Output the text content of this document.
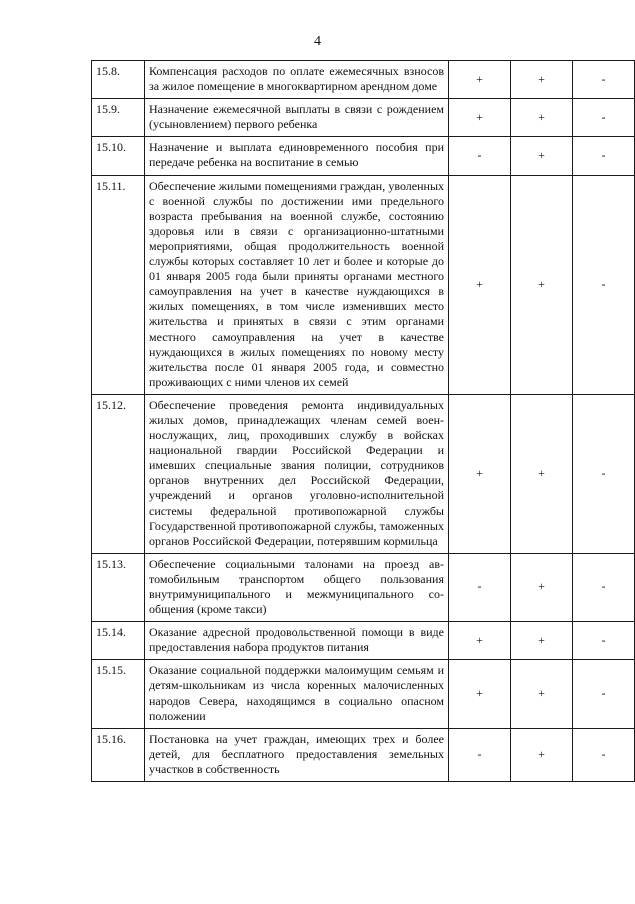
4
15.8.	Компенсация расходов по оплате ежемесячных взносов за жилое помещение в многоквартирном арендном доме	+	+	-
15.9.	Назначение ежемесячной выплаты в связи с рождением (усыновлением) первого ребенка	+	+	-
15.10.	Назначение и выплата единовременного пособия при передаче ребенка на воспитание в семью	-	+	-
15.11.	Обеспечение жилыми помещениями граждан, уволенных с военной службы по достижении ими предельного возраста пребывания на военной службе, состоянию здоровья или в связи с организационно-штатными мероприятиями, общая продолжительность военной службы которых составляет 10 лет и более и которые до 01 января 2005 года были приняты органами местного самоуправления на учет в качестве нуждающихся в жилых помещениях, в том числе изменивших место жительства и принятых в связи с этим органами местного самоуправления на учет в качестве нуждающихся в жилых помещениях по новому месту жительства после 01 января 2005 года, и совместно проживающих с ними членов их семей	+	+	-
15.12.	Обеспечение проведения ремонта индивидуальных жилых домов, принадлежащих членам семей военнослужащих, лиц, проходивших службу в войсках национальной гвардии Российской Федерации и имевших специальные звания полиции, сотрудников органов внутренних дел Российской Федерации, учреждений и органов уголовно-исполнительной системы федеральной противопожарной службы Государственной противопожарной службы, таможенных органов Российской Федерации, потерявшим кормильца	+	+	-
15.13.	Обеспечение социальными талонами на проезд автомобильным транспортом общего пользования внутримуниципального и межмуниципального сообщения (кроме такси)	-	+	-
15.14.	Оказание адресной продовольственной помощи в виде предоставления набора продуктов питания	+	+	-
15.15.	Оказание социальной поддержки малоимущим семьям и детям-школьникам из числа коренных малочисленных народов Севера, находящимся в социально опасном положении	+	+	-
15.16.	Постановка на учет граждан, имеющих трех и более детей, для бесплатного предоставления земельных участков в собственность	-	+	-
